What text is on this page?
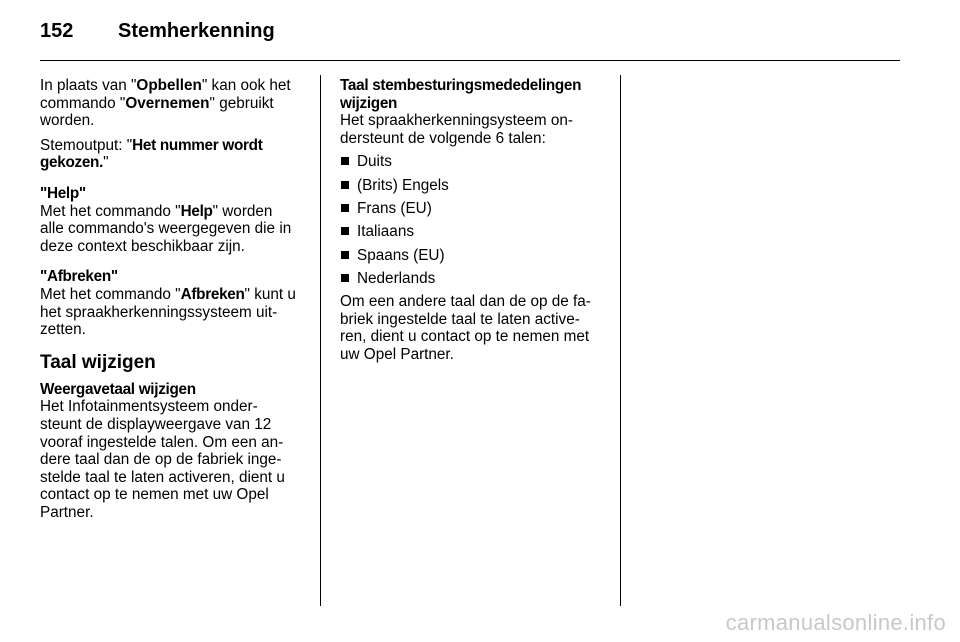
152	Stemherkenning

In plaats van "Opbellen" kan ook het
commando "Overnemen" gebruikt
worden.

Stemoutput: "Het nummer wordt
gekozen."

"Help"

Met het commando "Help" worden
alle commando's weergegeven die in
deze context beschikbaar zijn.

"Afbreken"

Met het commando "Afbreken" kunt u
het spraakherkenningssysteem uit-
zetten.

Taal wijzigen

Weergavetaal wijzigen

Het Infotainmentsysteem onder-
steunt de displayweergave van 12
vooraf ingestelde talen. Om een an-
dere taal dan de op de fabriek inge-
stelde taal te laten activeren, dient u
contact op te nemen met uw Opel
Partner.

Taal stembesturingsmededelingen
wijzigen

Het spraakherkenningsysteem on-
dersteunt de volgende 6 talen:

Duits
(Brits) Engels
Frans (EU)
Italiaans
Spaans (EU)
Nederlands

Om een andere taal dan de op de fa-
briek ingestelde taal te laten active-
ren, dient u contact op te nemen met
uw Opel Partner.

carmanualsonline.info
